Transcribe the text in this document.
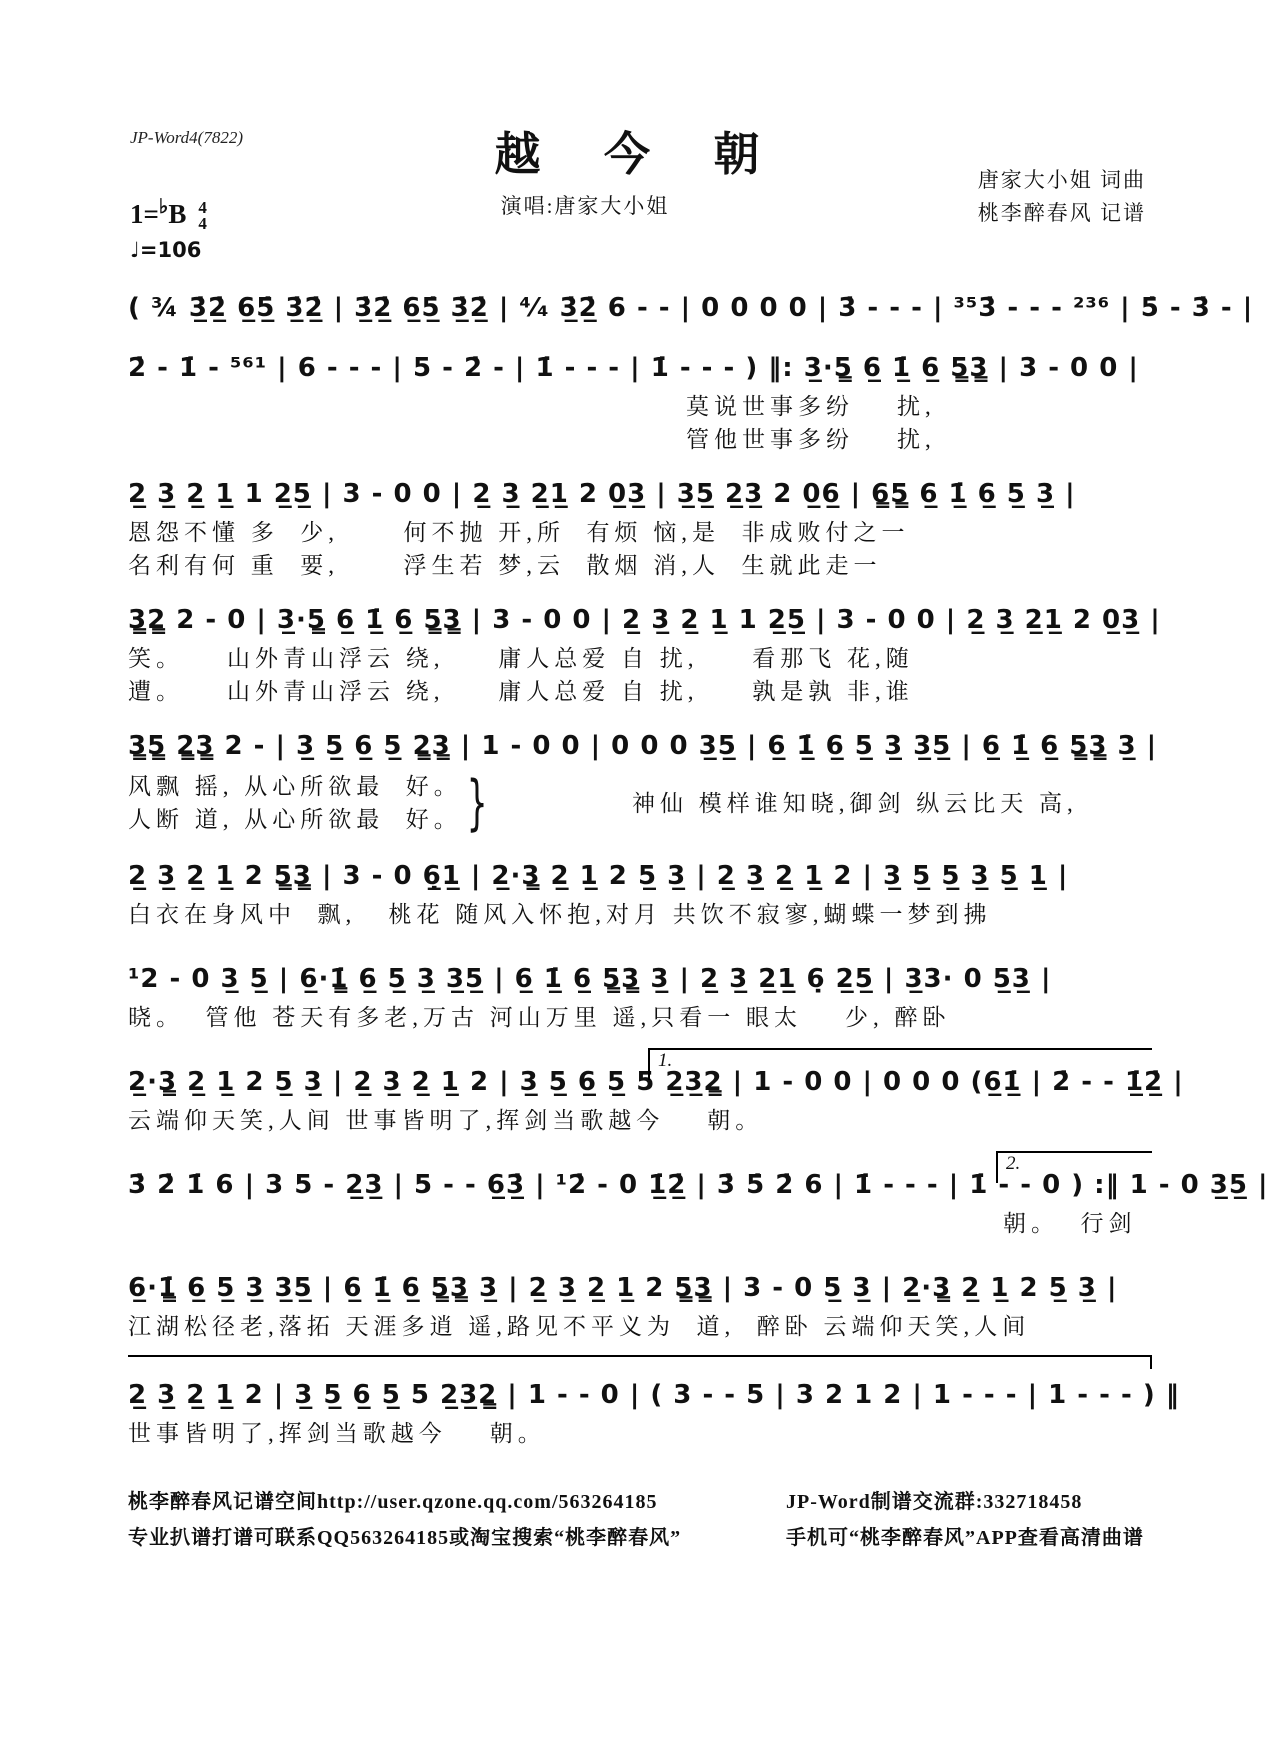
JP-Word4(7822)	越 今 朝	唐家大小姐 词曲
桃李醉春风 记谱
演唱:唐家大小姐
1=♭B 4
4
♩=106
( ¾ 3̲̇2̲̇ 6̲5̲̇ 3̲̇2̲̇ | 3̲̇2̲̇ 6̲5̲̇ 3̲̇2̲̇ | ⁴⁄₄ 3̲̇2̲̇ 6 - - | 0 0 0 0 | 3̇ - - - | ³⁵3̇ - - - ²³⁶ | 5̇ - 3̇ - |
2̇ - 1̇ - ⁵⁶¹ | 6 - - - | 5 - 2̇ - | 1̇ - - - | 1̇ - - - ) ‖: 3̲·5̳ 6̲ 1̲̇ 6̲ 5̳3̳ | 3 - 0 0 |
莫说世事多纷    扰,
管他世事多纷    扰,
2̲ 3̲ 2̲ 1̲ 1 2̲5̲ | 3 - 0 0 | 2̲ 3̲ 2̲1̲ 2 0̲3̲ | 3̲5̲ 2̲3̲ 2 0̲6̲ | 6̳5̳ 6̲ 1̲̇ 6̲ 5̲ 3̲ |
恩怨不懂 多  少,      何不抛 开,所  有烦 恼,是  非成败付之一
名利有何 重  要,      浮生若 梦,云  散烟 消,人  生就此走一
3̳2̳ 2 - 0 | 3̲·5̳ 6̲ 1̲̇ 6̲ 5̳3̳ | 3 - 0 0 | 2̲ 3̲ 2̲ 1̲ 1 2̲5̲ | 3 - 0 0 | 2̲ 3̲ 2̲1̲ 2 0̲3̲ |
笑。    山外青山浮云 绕,     庸人总爱 自 扰,     看那飞 花,随
遭。    山外青山浮云 绕,     庸人总爱 自 扰,     孰是孰 非,谁
3̳5̳ 2̳3̳ 2 - | 3̲ 5̲ 6̲ 5̲ 2̳3̳ | 1 - 0 0 | 0 0 0 3̲5̲ | 6̲ 1̲̇ 6̲ 5̲ 3̲ 3̲5̲ | 6̲ 1̲̇ 6̲ 5̳3̳ 3̲ |
风飘 摇, 从心所欲最  好。
人断 道, 从心所欲最  好。 }	神仙 模样谁知晓,御剑 纵云比天 高,
2̲ 3̲ 2̲ 1̲ 2 5̳3̳ | 3 - 0 6̣̲1̲ | 2̲·3̳ 2̲ 1̲ 2 5̲ 3̲ | 2̲ 3̲ 2̲ 1̲ 2 | 3̲ 5̲ 5̲ 3̲ 5̲ 1̲ |
白衣在身风中  飘,   桃花 随风入怀抱,对月 共饮不寂寥,蝴蝶一梦到拂
¹2 - 0 3̲ 5̲ | 6̲·1̳̇ 6̲ 5̲ 3̲ 3̲5̲ | 6̲ 1̲̇ 6̲ 5̳3̳ 3̲ | 2̲ 3̲ 2̲1̲ 6̣ 2̲5̲ | 3̲3· 0 5̲3̲ |
晓。  管他 苍天有多老,万古 河山万里 遥,只看一 眼太    少, 醉卧
1.
2̲·3̳ 2̲ 1̲ 2 5̲ 3̲ | 2̲ 3̲ 2̲ 1̲ 2 | 3̲ 5̲ 6̲ 5̲ 5 2̲3̲2̳ | 1 - 0 0 | 0 0 0 (6̲1̲̇ | 2̇ - - 1̲̇2̲̇ |
云端仰天笑,人间 世事皆明了,挥剑当歌越今    朝。
2.
3̇ 2̇ 1̇ 6 | 3 5 - 2̲3̲ | 5 - - 6̲3̲̇ | ¹2̇ - 0 1̲̇2̲̇ | 3̇ 5̇ 2̇ 6 | 1̇ - - - | 1̇ - - 0 ) :‖ 1 - 0 3̲5̲ |
朝。  行剑
6̲·1̳̇ 6̲ 5̲ 3̲ 3̲5̲ | 6̲ 1̲̇ 6̲ 5̳3̳ 3̲ | 2̲ 3̲ 2̲ 1̲ 2 5̳3̳ | 3 - 0 5̲ 3̲ | 2̲·3̳ 2̲ 1̲ 2 5̲ 3̲ |
江湖松径老,落拓 天涯多逍 遥,路见不平义为  道,  醉卧 云端仰天笑,人间
2̲ 3̲ 2̲ 1̲ 2 | 3̲ 5̲ 6̲ 5̲ 5 2̲3̲2̳ | 1 - - 0 | ( 3 - - 5 | 3 2 1 2 | 1 - - - | 1 - - - ) ‖
世事皆明了,挥剑当歌越今    朝。
桃李醉春风记谱空间http://user.qzone.qq.com/563264185
专业扒谱打谱可联系QQ563264185或淘宝搜索“桃李醉春风”
JP-Word制谱交流群:332718458
手机可“桃李醉春风”APP查看高清曲谱
